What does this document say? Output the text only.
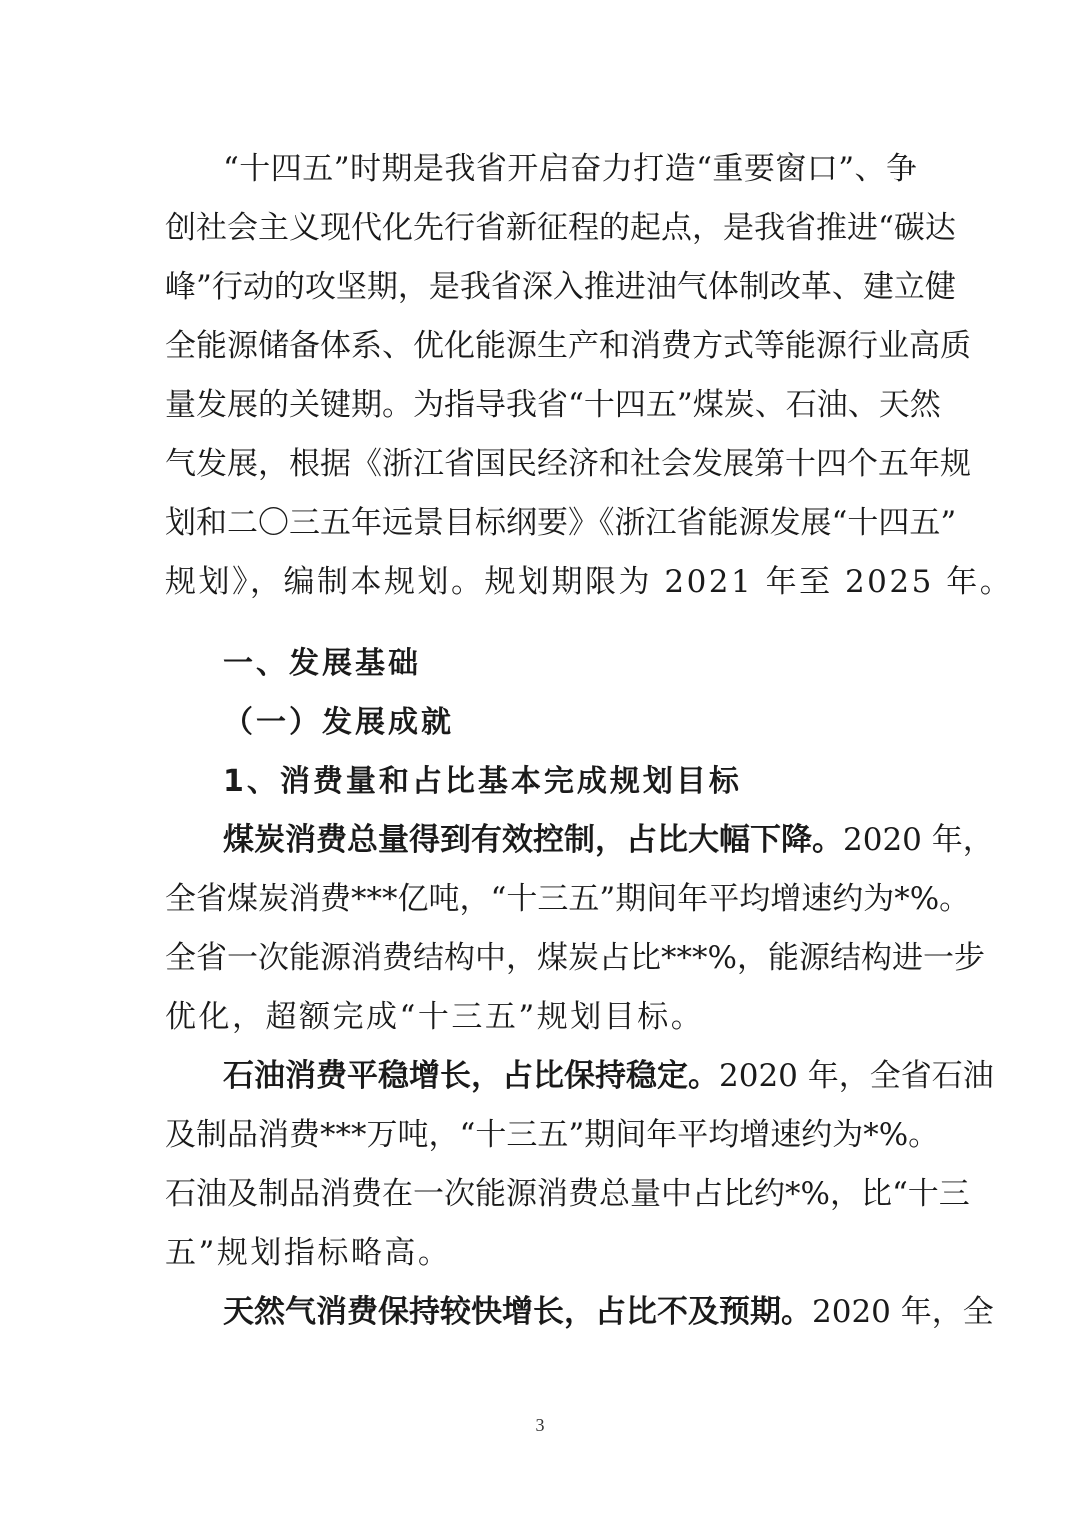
“十四五”时期是我省开启奋力打造“重要窗口”、争
创社会主义现代化先行省新征程的起点，是我省推进“碳达
峰”行动的攻坚期，是我省深入推进油气体制改革、建立健
全能源储备体系、优化能源生产和消费方式等能源行业高质
量发展的关键期。为指导我省“十四五”煤炭、石油、天然
气发展，根据《浙江省国民经济和社会发展第十四个五年规
划和二〇三五年远景目标纲要》《浙江省能源发展“十四五”
规划》，编制本规划。规划期限为 2021 年至 2025 年。
一、发展基础
（一）发展成就
1、消费量和占比基本完成规划目标
煤炭消费总量得到有效控制，占比大幅下降。2020 年，
全省煤炭消费***亿吨，“十三五”期间年平均增速约为*%。
全省一次能源消费结构中，煤炭占比***%，能源结构进一步
优化，超额完成“十三五”规划目标。
石油消费平稳增长，占比保持稳定。2020 年，全省石油
及制品消费***万吨，“十三五”期间年平均增速约为*%。
石油及制品消费在一次能源消费总量中占比约*%，比“十三
五”规划指标略高。
天然气消费保持较快增长，占比不及预期。2020 年，全
3
